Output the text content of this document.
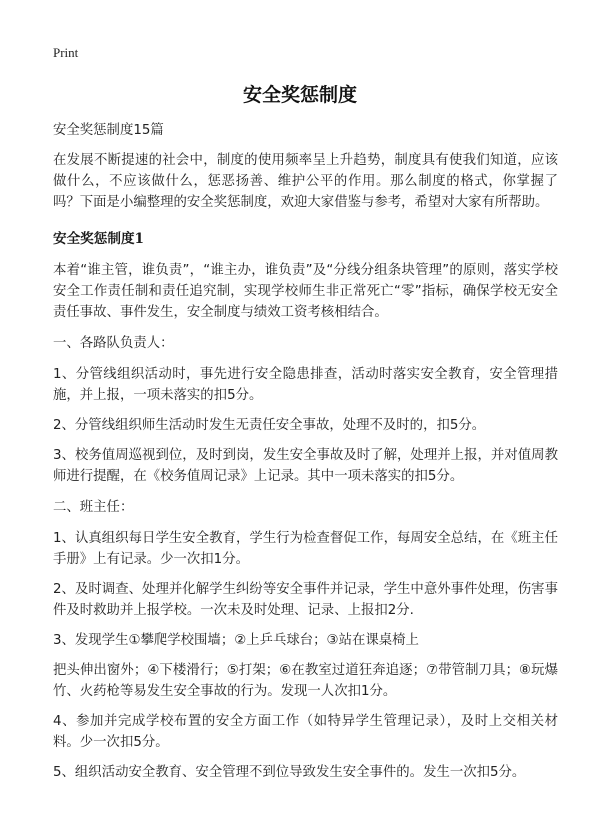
Print
安全奖惩制度

安全奖惩制度15篇

在发展不断提速的社会中，制度的使用频率呈上升趋势，制度具有使我们知道，应该做什么，不应该做什么，惩恶扬善、维护公平的作用。那么制度的格式，你掌握了吗？下面是小编整理的安全奖惩制度，欢迎大家借鉴与参考，希望对大家有所帮助。

安全奖惩制度1

本着“谁主管，谁负责”，“谁主办，谁负责”及“分线分组条块管理”的原则，落实学校安全工作责任制和责任追究制，实现学校师生非正常死亡“零”指标，确保学校无安全责任事故、事件发生，安全制度与绩效工资考核相结合。

一、各路队负责人：

1、分管线组织活动时，事先进行安全隐患排查，活动时落实安全教育，安全管理措施，并上报，一项未落实的扣5分。

2、分管线组织师生活动时发生无责任安全事故，处理不及时的，扣5分。

3、校务值周巡视到位，及时到岗，发生安全事故及时了解，处理并上报，并对值周教师进行提醒，在《校务值周记录》上记录。其中一项未落实的扣5分。

二、班主任：

1、认真组织每日学生安全教育，学生行为检查督促工作，每周安全总结，在《班主任手册》上有记录。少一次扣1分。

2、及时调查、处理并化解学生纠纷等安全事件并记录，学生中意外事件处理，伤害事件及时救助并上报学校。一次未及时处理、记录、上报扣2分.

3、发现学生①攀爬学校围墙；②上乒乓球台；③站在课桌椅上

把头伸出窗外；④下楼滑行；⑤打架；⑥在教室过道狂奔追逐；⑦带管制刀具；⑧玩爆竹、火药枪等易发生安全事故的行为。发现一人次扣1分。

4、参加并完成学校布置的安全方面工作（如特异学生管理记录），及时上交相关材料。少一次扣5分。

5、组织活动安全教育、安全管理不到位导致发生安全事件的。发生一次扣5分。
